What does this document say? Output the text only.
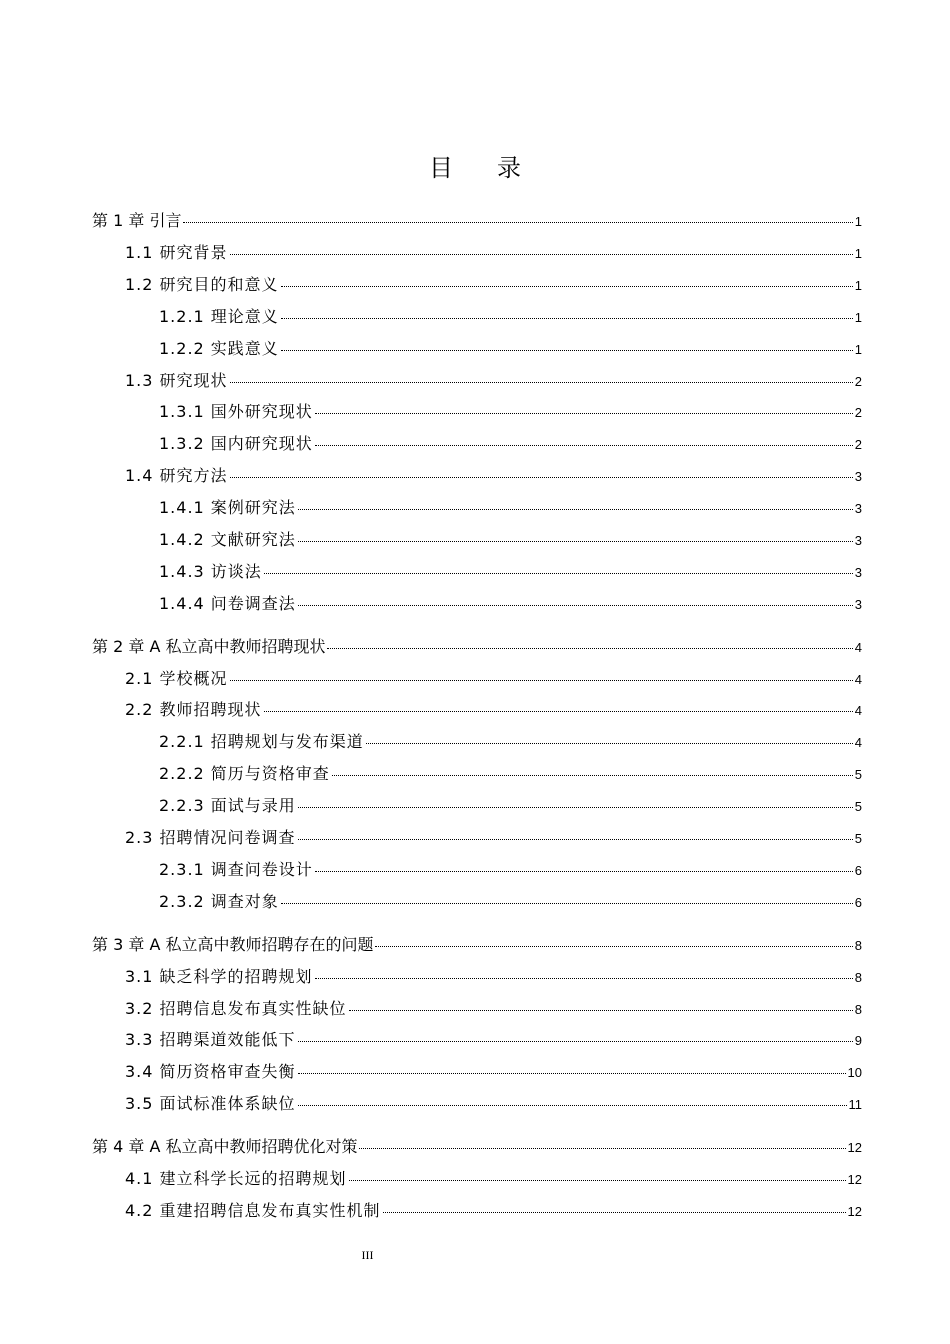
目录
第 1 章 引言	1
1.1 研究背景	1
1.2 研究目的和意义	1
1.2.1 理论意义	1
1.2.2 实践意义	1
1.3 研究现状	2
1.3.1 国外研究现状	2
1.3.2 国内研究现状	2
1.4 研究方法	3
1.4.1 案例研究法	3
1.4.2 文献研究法	3
1.4.3 访谈法	3
1.4.4 问卷调查法	3
第 2 章 A 私立高中教师招聘现状	4
2.1 学校概况	4
2.2 教师招聘现状	4
2.2.1 招聘规划与发布渠道	4
2.2.2 简历与资格审查	5
2.2.3 面试与录用	5
2.3 招聘情况问卷调查	5
2.3.1 调查问卷设计	6
2.3.2 调查对象	6
第 3 章 A 私立高中教师招聘存在的问题	8
3.1 缺乏科学的招聘规划	8
3.2 招聘信息发布真实性缺位	8
3.3 招聘渠道效能低下	9
3.4 简历资格审查失衡	10
3.5 面试标准体系缺位	11
第 4 章 A 私立高中教师招聘优化对策	12
4.1 建立科学长远的招聘规划	12
4.2 重建招聘信息发布真实性机制	12
III
